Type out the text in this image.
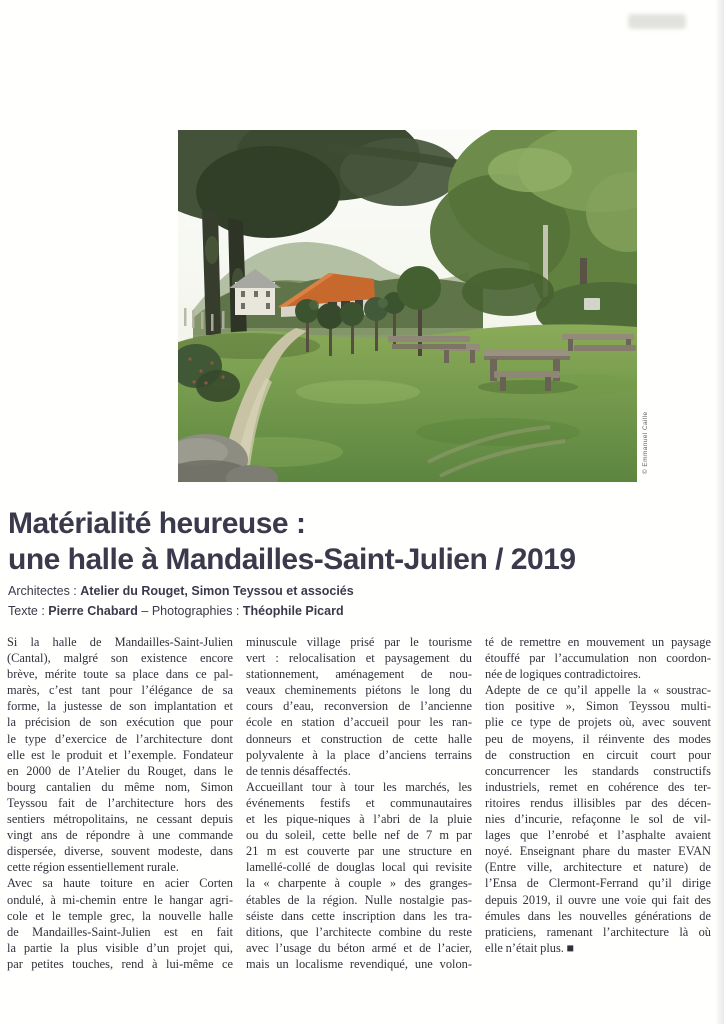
© Emmanuel Caille
Matérialité heureuse :
une halle à Mandailles-Saint-Julien / 2019
Architectes : Atelier du Rouget, Simon Teyssou et associés
Texte : Pierre Chabard – Photographies : Théophile Picard
Si la halle de Mandailles-Saint-Julien
(Cantal), malgré son existence encore
brève, mérite toute sa place dans ce pal-
marès, c’est tant pour l’élégance de sa
forme, la justesse de son implantation et
la précision de son exécution que pour
le type d’exercice de l’architecture dont
elle est le produit et l’exemple. Fondateur
en 2000 de l’Atelier du Rouget, dans le
bourg cantalien du même nom, Simon
Teyssou fait de l’architecture hors des
sentiers métropolitains, ne cessant depuis
vingt ans de répondre à une commande
dispersée, diverse, souvent modeste, dans
cette région essentiellement rurale.
Avec sa haute toiture en acier Corten
ondulé, à mi-chemin entre le hangar agri-
cole et le temple grec, la nouvelle halle
de Mandailles-Saint-Julien est en fait
la partie la plus visible d’un projet qui,
par petites touches, rend à lui-même ce
minuscule village prisé par le tourisme
vert : relocalisation et paysagement du
stationnement, aménagement de nou-
veaux cheminements piétons le long du
cours d’eau, reconversion de l’ancienne
école en station d’accueil pour les ran-
donneurs et construction de cette halle
polyvalente à la place d’anciens terrains
de tennis désaffectés.
Accueillant tour à tour les marchés, les
événements festifs et communautaires
et les pique-niques à l’abri de la pluie
ou du soleil, cette belle nef de 7 m par
21 m est couverte par une structure en
lamellé-collé de douglas local qui revisite
la « charpente à couple » des granges-
étables de la région. Nulle nostalgie pas-
séiste dans cette inscription dans les tra-
ditions, que l’architecte combine du reste
avec l’usage du béton armé et de l’acier,
mais un localisme revendiqué, une volon-
té de remettre en mouvement un paysage
étouffé par l’accumulation non coordon-
née de logiques contradictoires.
Adepte de ce qu’il appelle la « soustrac-
tion positive », Simon Teyssou multi-
plie ce type de projets où, avec souvent
peu de moyens, il réinvente des modes
de construction en circuit court pour
concurrencer les standards constructifs
industriels, remet en cohérence des ter-
ritoires rendus illisibles par des décen-
nies d’incurie, refaçonne le sol de vil-
lages que l’enrobé et l’asphalte avaient
noyé. Enseignant phare du master EVAN
(Entre ville, architecture et nature) de
l’Ensa de Clermont-Ferrand qu’il dirige
depuis 2019, il ouvre une voie qui fait des
émules dans les nouvelles générations de
praticiens, ramenant l’architecture là où
elle n’était plus. ■
